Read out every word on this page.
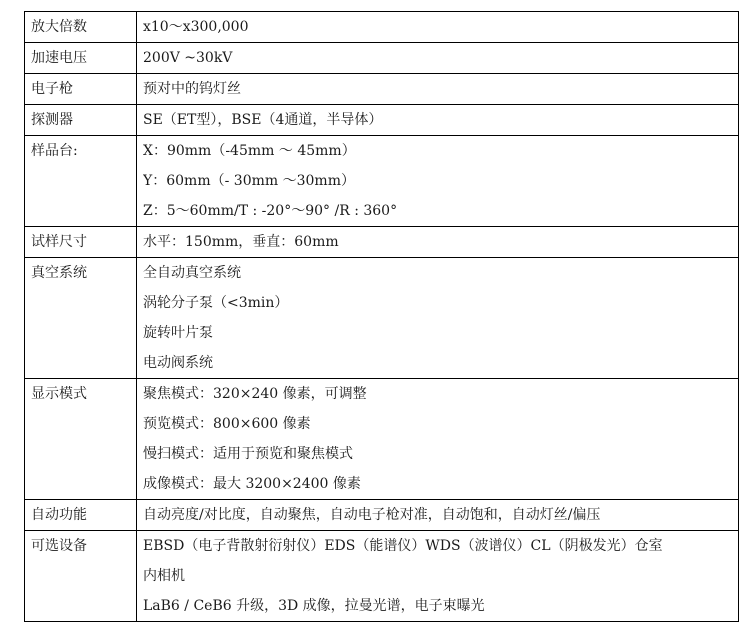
放大倍数	x10～x300,000

加速电压	200V ~30kV

电子枪	预对中的钨灯丝

探测器	SE（ET型），BSE（4通道，半导体）

样品台:	X：90mm（-45mm ～ 45mm）
Y：60mm（- 30mm ～30mm）
Z：5～60mm/T : -20°～90° /R : 360°

试样尺寸	水平：150mm，垂直：60mm

真空系统	全自动真空系统
涡轮分子泵（<3min）
旋转叶片泵
电动阀系统

显示模式	聚焦模式：320×240 像素，可调整
预览模式：800×600 像素
慢扫模式：适用于预览和聚焦模式
成像模式：最大 3200×2400 像素

自动功能	自动亮度/对比度，自动聚焦，自动电子枪对准，自动饱和，自动灯丝/偏压

可选设备	EBSD（电子背散射衍射仪）EDS（能谱仪）WDS（波谱仪）CL（阴极发光）仓室
内相机
LaB6 / CeB6 升级，3D 成像，拉曼光谱，电子束曝光
